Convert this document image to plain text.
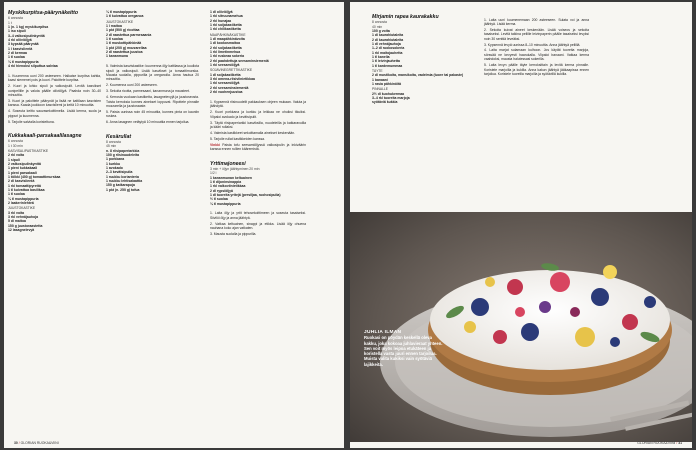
Myskikurpitsa-päärynäkeitto
6 annosta
1 t
1 (n. 1 kg) myskikurpitsa
1 iso sipuli
3–4 valkosipulinkynttä
4 rkl oliiviöljyä
3 kypsää päärynää
1 l kasvislientä
2 dl kermaa
1 tl suolaa
¼ tl mustapippuria
4 rkl hienoksi silputtua salviaa
1. Kuumenna uuni 200 asteeseen. Halkaise kurpitsa kahtia, kaavi siemenet pois ja kuori. Paloittele kurpitsa.
2. Kuori ja lohko sipuli ja valkosipulit. Levitä kasvikset uunipellille ja valuta päälle oliiviöljyä. Paahda noin 30–40 minuuttia.
3. Kuori ja paloittele päärynät ja lisää ne kattilaan kasvisten kanssa. Kaada joukkoon kasvisliemi ja keitä 10 minuuttia.
4. Soseuta keitto sauvasekoittimella. Lisää kerma, suola ja pippuri ja kuumenna.
5. Tarjoile salvialla koristeltuna.
Kukkakaali-parsakaalilasagne
6 annosta
1 t 30 min
KASVISALIPASTIKASTIKE
2 rkl voita
1 sipuli
2 valkosipulinkynttä
1 pieni kukkakaali
1 pieni parsakaali
1 tölkki (400 g) tomaattimurskaa
2 dl kasvislientä
1 rkl tomaattipyrettä
1 tl kuivattua basilikaa
1 tl suolaa
¼ tl mustapippuria
2 laakerinlehteä
JUUSTOKASTIKE
3 rkl voita
3 rkl vehnäjauhoja
5 dl maitoa
150 g juustoraastetta
12 lasagnelevyä
¼ tl mustapippuria
1 tl kuivattua oreganoa
JUUSTOKASTIKE
1 l maitoa
1 pkt (500 g) ricottaa
2 dl raastettua parmesaania
1 tl suolaa
1 tl muskottipähkinää
1 pkt (200 g) mozzarellaa
2 dl raastettua juustoa
1 kananmuna
5. Valmista kasviskastike: kuumenna öljy kattilassa ja kuullota sipuli ja valkosipuli. Lisää kasvikset ja tomaattimurska. Mausta suolalla, pippurilla ja oreganolla. Anna hautua 20 minuuttia.
2. Kuumenna uuni 200 asteeseen.
3. Sekoita ricotta, parmesaani, kananmuna ja mausteet.
4. Kerrosta vuokaan kastiketta, lasagnelevyjä ja juustoseosta. Toista kerroksia kunnes ainekset loppuvat. Ripottele pinnalle mozzarella ja juustoraaste.
5. Paista uunissa noin 45 minuuttia, kunnes pinta on kauniin ruskea.
6. Anna lasagnen vetäytyä 10 minuuttia ennen tarjoilua.
Kesärullat
8 annosta
45 min
n. 8 riisipaperiarkkia
100 g riisinuudeleita
1 porkkana
1 kurkku
1 avokado
2–3 kevätsipulia
1 ruukku korianteria
1 ruukku lehtisalaattia
150 g katkarapuja
1 pkt (n. 250 g) tofua
1 dl oliiviöljyä
1 rkl sitruunamehua
2 rkl hunajaa
1 rkl soijakastiketta
1 rkl chilikastiketta
MAAPÄHKINÄKASTIKE
1 dl maapähkinävoita
1 dl kookosmaitoa
2 rkl soijakastiketta
1 rkl limetinmehua
1 rkl ruskeaa sokeria
2 rkl paahdettuja seesaminsiemeniä
1 rkl seesamiöljyä
SOJAVINEGRETTIKASTIKE
1 dl soijakastiketta
3 rkl omena-riisiviinietikkaa
1 rkl seesamiöljyä
2 rkl seesaminsiemeniä
2 rkl vuohenjuustoa
1. Kypsennä riisinuudelit pakkauksen ohjeen mukaan. Valuta ja jäähdytä.
2. Kuori porkkana ja kurkku ja leikkaa ne ohuiksi tikuiksi. Viipaloi avokado ja kevätsipulit.
3. Täytä riisipaperiarkki kasviksilla, nuudeleilla ja katkaravuilla ja kääri rullaksi.
4. Valmista kastikkeet sekoittamalla ainekset keskenään.
5. Tarjoile rullat kastikkeiden kanssa.
Vinkki Paista tofu seesamiöljyssä valkosipulin ja inkiväärin kanssa ennen rullien kääremistä.
Yrttimajoneesi
3 min + öljyn jäähtyminen 20 min
1/2 l
1 kananmunan keltuainen
1 tl dijoninsinappia
1 rkl valkoviinietikkaa
2 dl rypsiöljyä
1 dl tuoreita yrttejä (persiljaa, ruohosipulia)
½ tl suolaa
¼ tl mustapippuria
1. Laita öljy ja yrtit tehosekoittimeen ja soseuta tasaiseksi. Siivilöi öljy ja anna jäähtyä.
2. Vatkaa keltuainen, sinappi ja etikka. Lisää öljy ohuena nauhana koko ajan vatkaten.
3. Mausta suolalla ja pippurilla.
30 / GLORIAN RUOKA&VIINI
Mirjamin rapea kaurakakku
8 annosta
40 min
100 g voita
1 dl kaurahiutaleita
2 dl kaurahiutaleita
1 dl vehnäjauhoja
1–2 dl ruokosokeria
1 rkl maitojauhetta
1 tl kanelia
1 tl leivinjauhetta
1 tl kardemummaa
TÄYTE
2 dl mustikoita, mansikoita, vadelmia (tuore tai pakaste)
1 banaani
1 rasia pähkinöitä
PINNALLE
2½ dl kuohukermaa
3–4 rkl tuoreita marjoja
syötäviä kukkia
1. Laita uuni kuumenemaan 200 asteeseen. Sulata voi ja anna jäähtyä. Lisää kerma.
2. Sekoita kuivat aineet keskenään. Lisää voiseos ja sekoita tasaiseksi. Levitä taikina pellille leivinpaperin päälle tasaiseksi levyksi noin 30 senttiä leveäksi.
3. Kypsennä levyä uunissa 8–10 minuuttia. Anna jäähtyä pellillä.
4. Laita marjat sulamaan kulhoon. Jos käytät tuoreita marjoja, sörssää ne kevyesti haarukalla. Viipaloi banaani. Vatkaa kerma vaahdoksi, mausta halutessasi sokerilla.
5. Laita levyn päälle täyte kerroksittain ja levitä kerma pinnalle. Koristele marjoilla ja kukilla. Anna kakun jäähtyä jääkaapissa ennen tarjoilua. Koristele tuoreilla marjoilla ja syötävillä kukilla.
JUHLIA ILMAN
Ruokasi on pöydän keskellä oleva kakku, joka kokoaa juhlavieraat yhteen. Sen voit myös leipoa etukäteen ja koristella vasta juuri ennen tarjoilua. Muista valita kukiksi vain syötäviä lajikkeita.
GLORIAN RUOKA&VIINI / 31
